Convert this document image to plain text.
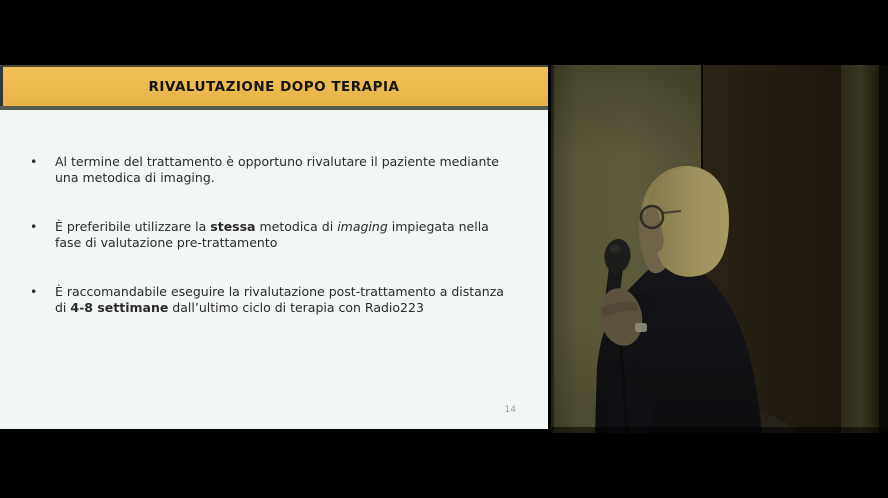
RIVALUTAZIONE DOPO TERAPIA
•	Al termine del trattamento è opportuno rivalutare il paziente mediante una metodica di imaging.
•	È preferibile utilizzare la stessa metodica di imaging impiegata nella fase di valutazione pre-trattamento
•	È raccomandabile eseguire la rivalutazione post-trattamento a distanza di 4-8 settimane dall’ultimo ciclo di terapia con Radio223
14
